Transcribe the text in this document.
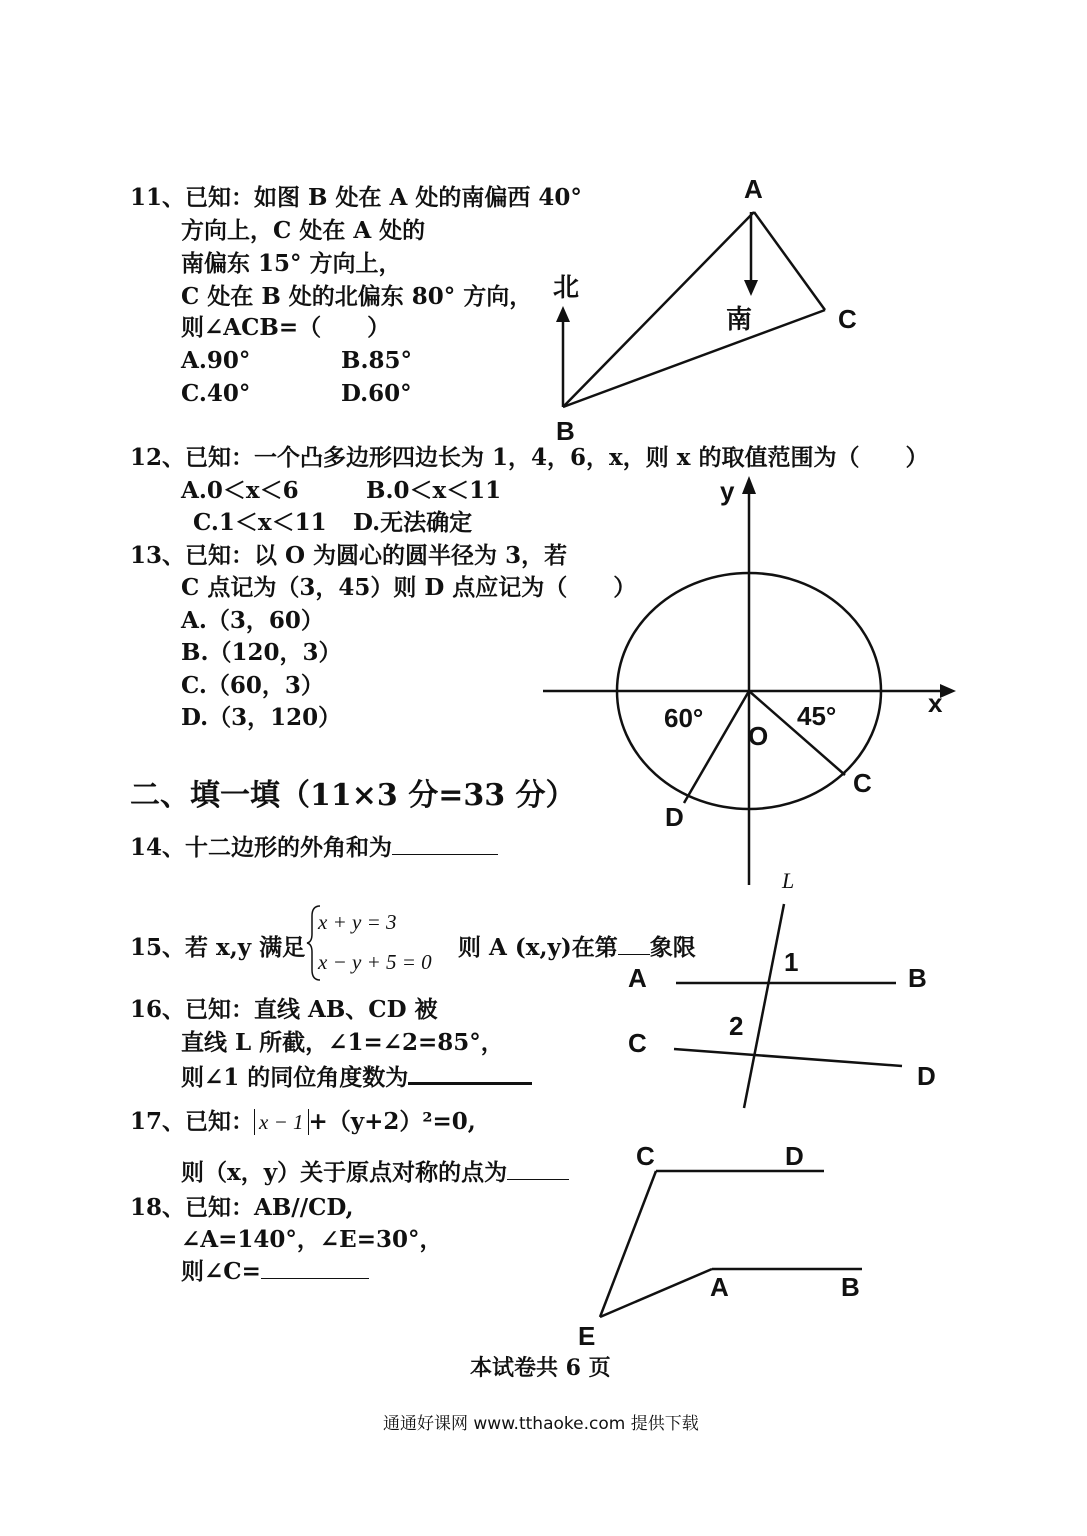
11、已知：如图 B 处在 A 处的南偏西 40°
方向上，C 处在 A 处的
南偏东 15° 方向上，
C 处在 B 处的北偏东 80° 方向，
则∠ACB=（　　）
A.90°	B.85°
C.40°	D.60°
12、已知：一个凸多边形四边长为 1，4，6，x，则 x 的取值范围为（　　）
A.0＜x＜6	B.0＜x＜11
C.1＜x＜11 D.无法确定
13、已知：以 O 为圆心的圆半径为 3，若
C 点记为（3，45）则 D 点应记为（　　）
A.（3，60）
B.（120，3）
C.（60，3）
D.（3，120）
二、填一填（11×3 分=33 分）
14、十二边形的外角和为
15、若 x,y 满足
x + y = 3
x − y + 5 = 0
则 A (x,y)在第 象限
16、已知：直线 AB、CD 被
直线 L 所截，∠1=∠2=85°，
则∠1 的同位角度数为
17、已知： x − 1 +（y+2）²=0,
则（x，y）关于原点对称的点为
18、已知：AB//CD,
∠A=140°，∠E=30°，
则∠C=
本试卷共 6 页
通通好课网 www.tthaoke.com 提供下载
A
B
C
北
南
x
y
O
C
D
60°	45°
L
A	B
C
D
1
2
C	D
A	B
E
